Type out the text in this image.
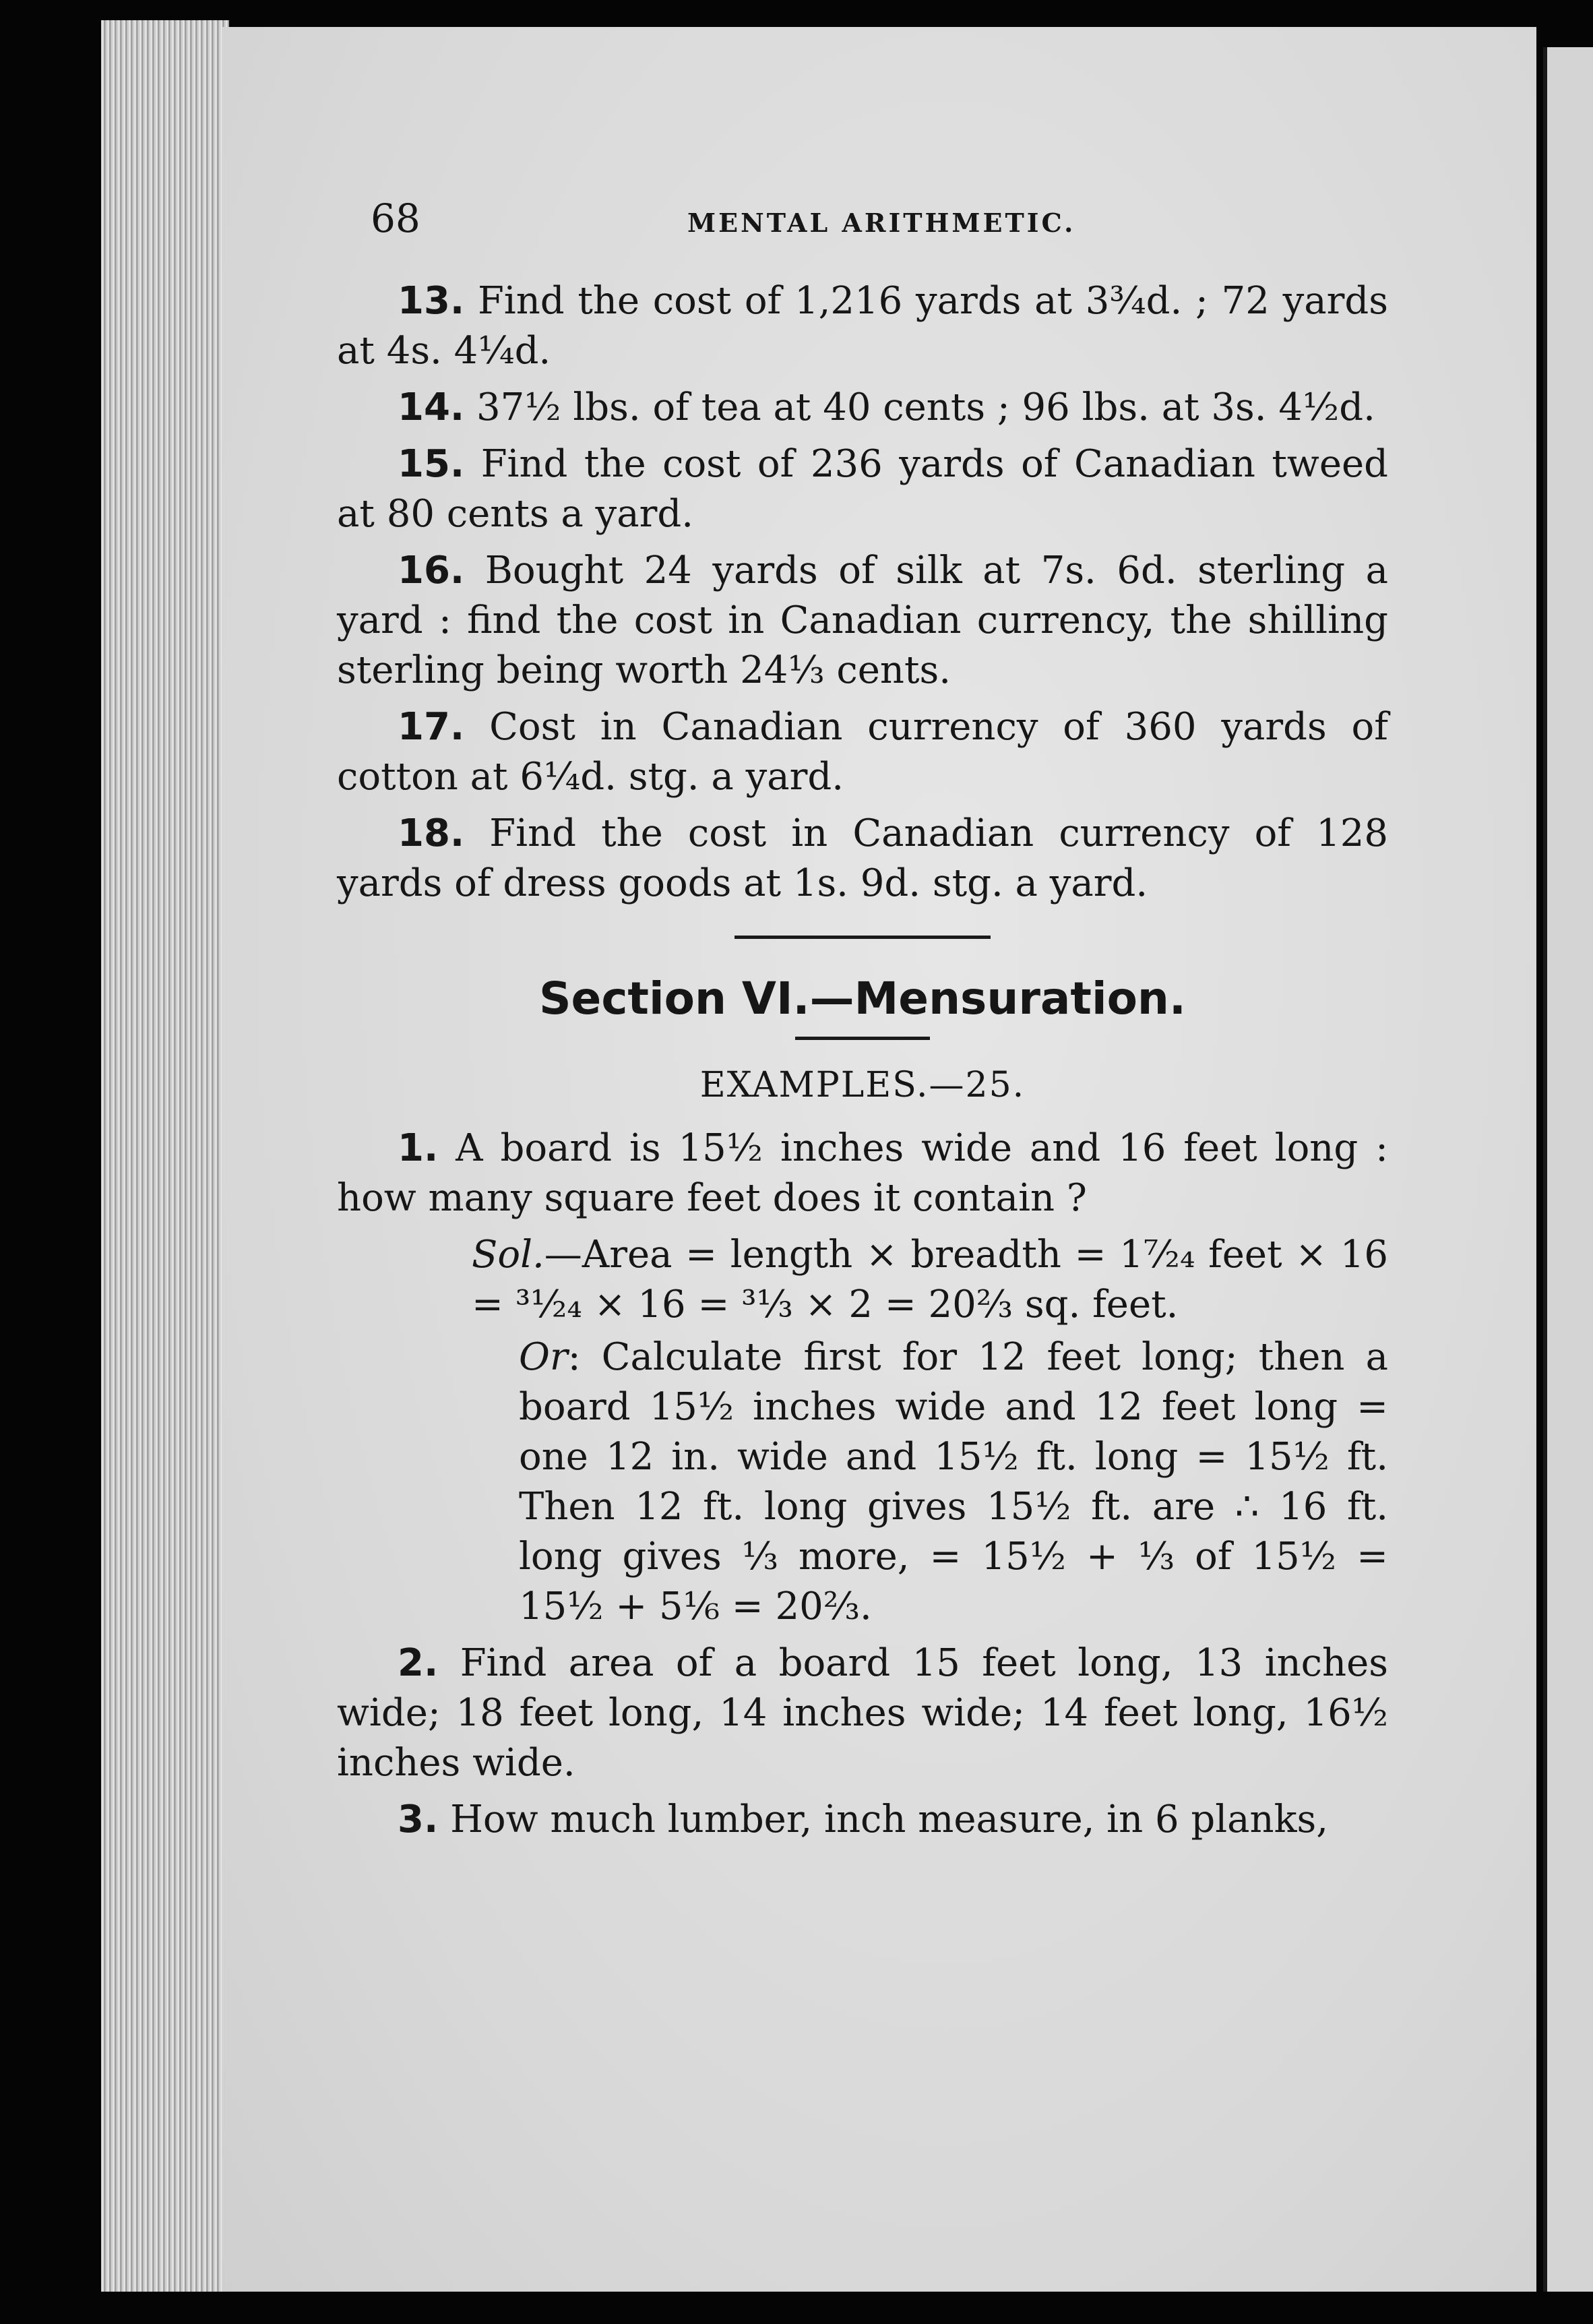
68	MENTAL ARITHMETIC.

13. Find the cost of 1,216 yards at 3¾d. ; 72 yards at 4s. 4¼d.

14. 37½ lbs. of tea at 40 cents ; 96 lbs. at 3s. 4½d.

15. Find the cost of 236 yards of Canadian tweed at 80 cents a yard.

16. Bought 24 yards of silk at 7s. 6d. sterling a yard : find the cost in Canadian currency, the shilling sterling being worth 24⅓ cents.

17. Cost in Canadian currency of 360 yards of cotton at 6¼d. stg. a yard.

18. Find the cost in Canadian currency of 128 yards of dress goods at 1s. 9d. stg. a yard.

Section VI.—Mensuration.

EXAMPLES.—25.

1. A board is 15½ inches wide and 16 feet long : how many square feet does it contain ?

Sol.—Area = length × breadth = 1⁷⁄₂₄ feet × 16 = ³¹⁄₂₄ × 16 = ³¹⁄₃ × 2 = 20⅔ sq. feet.

Or: Calculate first for 12 feet long; then a board 15½ inches wide and 12 feet long = one 12 in. wide and 15½ ft. long = 15½ ft. Then 12 ft. long gives 15½ ft. are ∴ 16 ft. long gives ⅓ more, = 15½ + ⅓ of 15½ = 15½ + 5⅙ = 20⅔.

2. Find area of a board 15 feet long, 13 inches wide; 18 feet long, 14 inches wide; 14 feet long, 16½ inches wide.

3. How much lumber, inch measure, in 6 planks,
